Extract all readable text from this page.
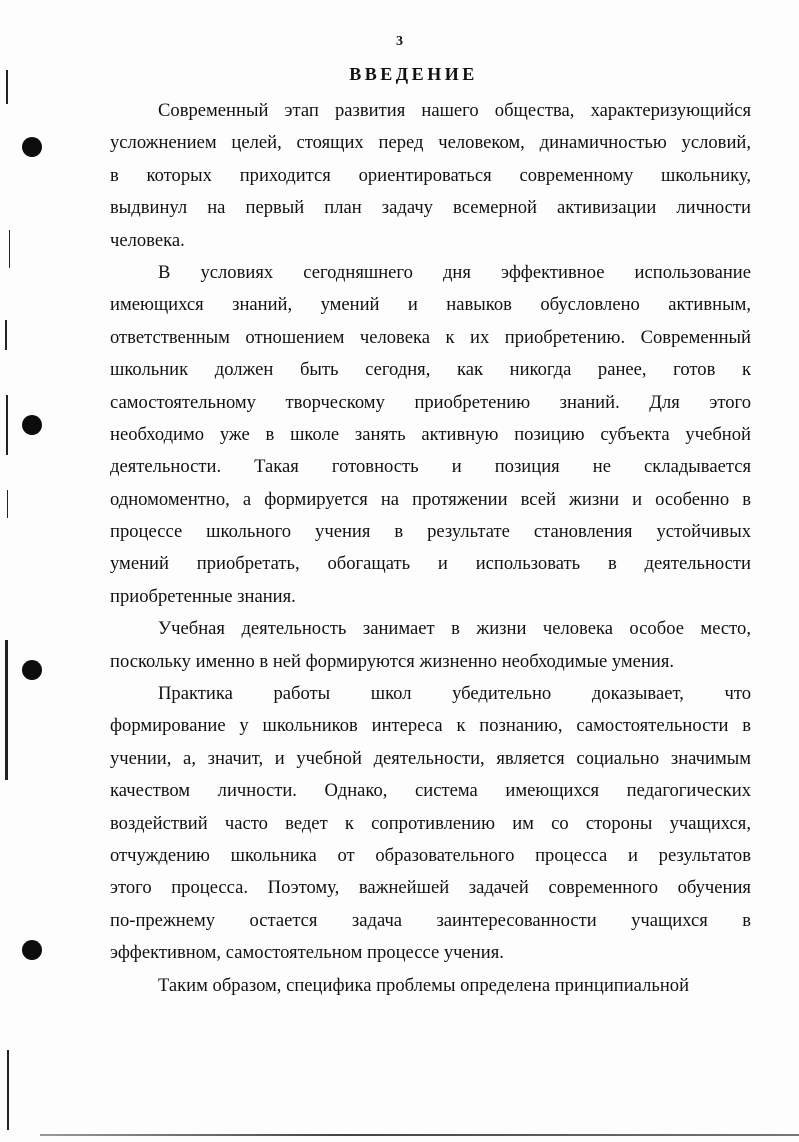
3
ВВЕДЕНИЕ
Современный этап развития нашего общества, характеризующийся
усложнением целей, стоящих перед человеком, динамичностью условий,
в которых приходится ориентироваться современному школьнику,
выдвинул на первый план задачу всемерной активизации личности
человека.
В условиях сегодняшнего дня эффективное использование
имеющихся знаний, умений и навыков обусловлено активным,
ответственным отношением человека к их приобретению. Современный
школьник должен быть сегодня, как никогда ранее, готов к
самостоятельному творческому приобретению знаний. Для этого
необходимо уже в школе занять активную позицию субъекта учебной
деятельности. Такая готовность и позиция не складывается
одномоментно, а формируется на протяжении всей жизни и особенно в
процессе школьного учения в результате становления устойчивых
умений приобретать, обогащать и использовать в деятельности
приобретенные знания.
Учебная деятельность занимает в жизни человека особое место,
поскольку именно в ней формируются жизненно необходимые умения.
Практика работы школ убедительно доказывает, что
формирование у школьников интереса к познанию, самостоятельности в
учении, а, значит, и учебной деятельности, является социально значимым
качеством личности. Однако, система имеющихся педагогических
воздействий часто ведет к сопротивлению им со стороны учащихся,
отчуждению школьника от образовательного процесса и результатов
этого процесса. Поэтому, важнейшей задачей современного обучения
по-прежнему остается задача заинтересованности учащихся в
эффективном, самостоятельном процессе учения.
Таким образом, специфика проблемы определена принципиальной
